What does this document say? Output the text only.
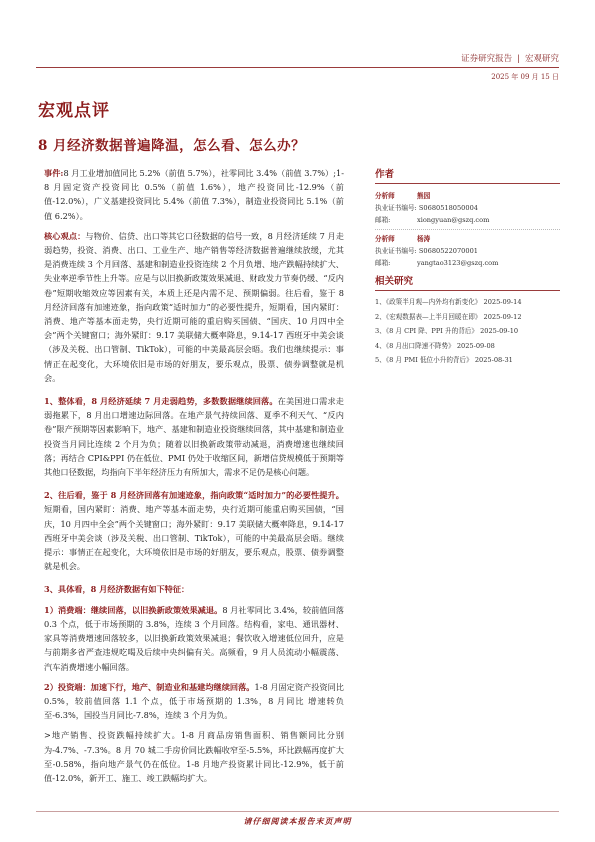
证券研究报告 | 宏观研究
2025 年 09 月 15 日
宏观点评
8 月经济数据普遍降温，怎么看、怎么办？

事件:8 月工业增加值同比 5.2%（前值 5.7%），社零同比 3.4%（前值 3.7%）;1-8 月固定资产投资同比 0.5%（前值 1.6%），地产投资同比-12.9%（前值-12.0%），广义基建投资同比 5.4%（前值 7.3%），制造业投资同比 5.1%（前值 6.2%）。

核心观点：与物价、信贷、出口等其它口径数据的信号一致，8 月经济延续 7 月走弱趋势，投资、消费、出口、工业生产、地产销售等经济数据普遍继续放缓，尤其是消费连续 3 个月回落、基建和制造业投资连续 2 个月负增、地产跌幅持续扩大、失业率逆季节性上升等。应是与以旧换新政策效果减退、财政发力节奏仍缓、“反内卷”短期收缩效应等因素有关，本质上还是内需不足、预期偏弱。往后看，鉴于 8 月经济回落有加速迹象，指向政策“适时加力”的必要性提升，短期看，国内紧盯：消费、地产等基本面走势，央行近期可能的重启购买国债、“国庆、10 月四中全会”两个关键窗口；海外紧盯：9.17 美联储大概率降息，9.14-17 西班牙中美会谈（涉及关税、出口管制、TikTok），可能的中美最高层会晤。我们也继续提示：事情正在起变化，大环境依旧是市场的好朋友，要乐观点，股票、债券调整就是机会。

1、整体看，8 月经济延续 7 月走弱趋势，多数数据继续回落。在美国进口需求走弱拖累下，8 月出口增速边际回落。在地产景气持续回落、夏季不利天气、“反内卷”限产预期等因素影响下，地产、基建和制造业投资继续回落，其中基建和制造业投资当月同比连续 2 个月为负；随着以旧换新政策带动减退，消费增速也继续回落；再结合 CPI&PPI 仍在低位、PMI 仍处于收缩区间，新增信贷规模低于预期等其他口径数据，均指向下半年经济压力有所加大，需求不足仍是核心问题。

2、往后看，鉴于 8 月经济回落有加速迹象，指向政策“适时加力”的必要性提升。短期看，国内紧盯：消费、地产等基本面走势，央行近期可能重启购买国债，“国庆，10 月四中全会”两个关键窗口；海外紧盯：9.17 美联储大概率降息，9.14-17 西班牙中美会谈（涉及关税、出口管制、TikTok），可能的中美最高层会晤。继续提示：事情正在起变化，大环境依旧是市场的好朋友，要乐观点，股票、债券调整就是机会。

3、具体看，8 月经济数据有如下特征：

1）消费端：继续回落，以旧换新政策效果减退。8 月社零同比 3.4%，较前值回落 0.3 个点，低于市场预期的 3.8%，连续 3 个月回落。结构看，家电、通讯器材、家具等消费增速回落较多，以旧换新政策效果减退；餐饮收入增速低位回升，应是与前期多省严查违规吃喝及后续中央纠偏有关。高频看，9 月人员流动小幅震荡、汽车消费增速小幅回落。

2）投资端：加速下行，地产、制造业和基建均继续回落。1-8 月固定资产投资同比 0.5%，较前值回落 1.1 个点，低于市场预期的 1.3%，8 月同比 增速转负至-6.3%，国投当月同比-7.8%，连续 3 个月为负。

>地产销售、投资跌幅持续扩大。1-8 月商品房销售面积、销售额同比分别为-4.7%、-7.3%。8 月 70 城二手房价同比跌幅收窄至-5.5%，环比跌幅再度扩大至-0.58%，指向地产景气仍在低位。1-8 月地产投资累计同比-12.9%，低于前值-12.0%，新开工、施工、竣工跌幅均扩大。

作者
分析师	熊园
执业证书编号: S0680518050004
邮箱:	xiongyuan@gszq.com
分析师	杨涛
执业证书编号: S0680522070001
邮箱:	yangtao3123@gszq.com
相关研究
1、《政策半月观—内外均有新变化》 2025-09-14
2、《宏观数据表—上半月回暖在即》 2025-09-12
3、《8 月 CPI 降、PPI 升的背后》 2025-09-10
4、《8 月出口降速不降势》 2025-09-08
5、《8 月 PMI 低位小升的背后》 2025-08-31
请仔细阅读本报告末页声明
